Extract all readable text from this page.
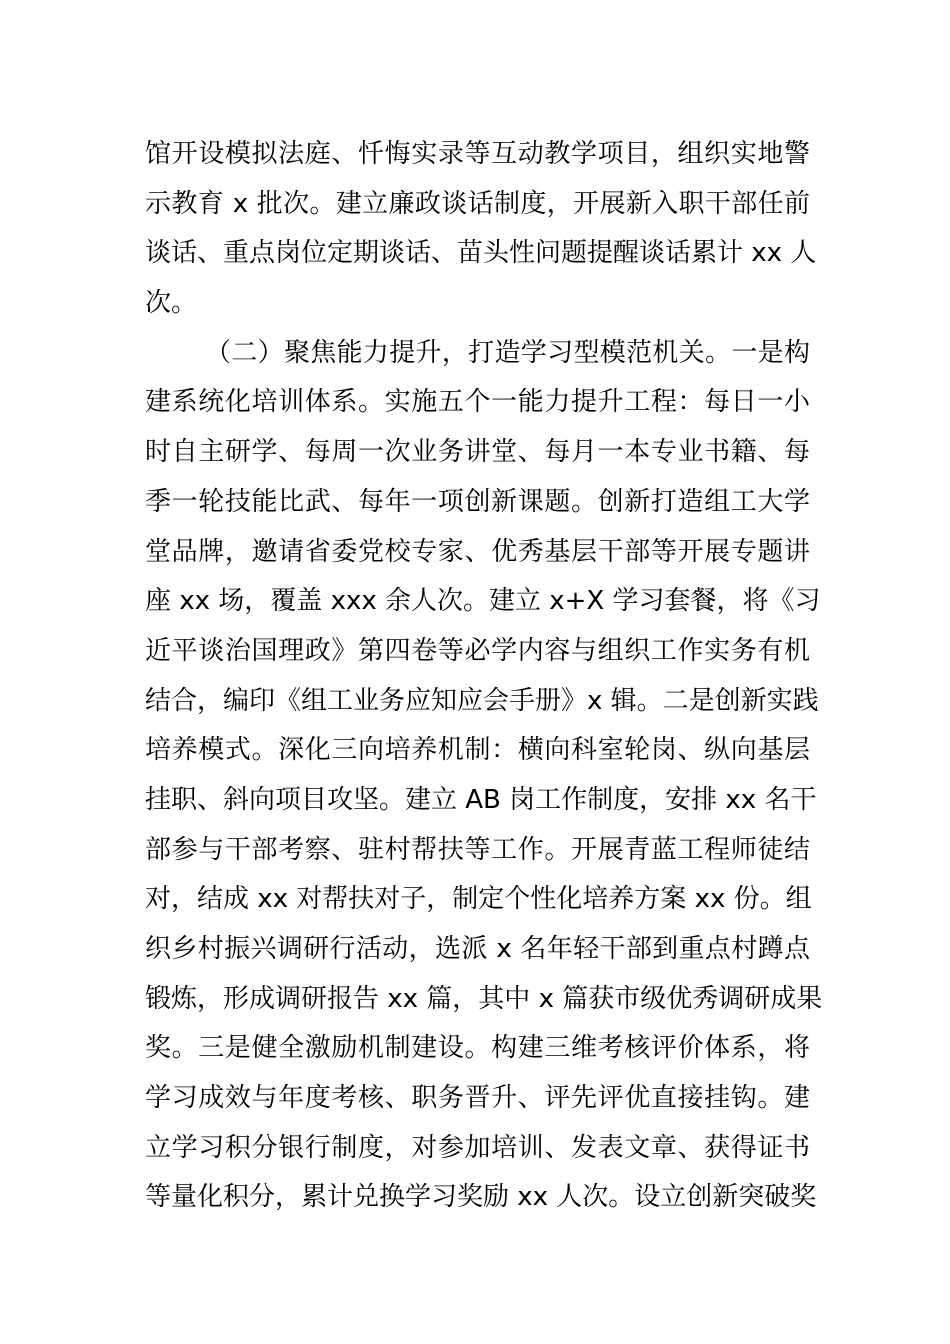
馆开设模拟法庭、忏悔实录等互动教学项目，组织实地警
示教育 x 批次。建立廉政谈话制度，开展新入职干部任前
谈话、重点岗位定期谈话、苗头性问题提醒谈话累计 xx 人
次。
（二）聚焦能力提升，打造学习型模范机关。一是构
建系统化培训体系。实施五个一能力提升工程：每日一小
时自主研学、每周一次业务讲堂、每月一本专业书籍、每
季一轮技能比武、每年一项创新课题。创新打造组工大学
堂品牌，邀请省委党校专家、优秀基层干部等开展专题讲
座 xx 场，覆盖 xxx 余人次。建立 x+X 学习套餐，将《习
近平谈治国理政》第四卷等必学内容与组织工作实务有机
结合，编印《组工业务应知应会手册》x 辑。二是创新实践
培养模式。深化三向培养机制：横向科室轮岗、纵向基层
挂职、斜向项目攻坚。建立 AB 岗工作制度，安排 xx 名干
部参与干部考察、驻村帮扶等工作。开展青蓝工程师徒结
对，结成 xx 对帮扶对子，制定个性化培养方案 xx 份。组
织乡村振兴调研行活动，选派 x 名年轻干部到重点村蹲点
锻炼，形成调研报告 xx 篇，其中 x 篇获市级优秀调研成果
奖。三是健全激励机制建设。构建三维考核评价体系，将
学习成效与年度考核、职务晋升、评先评优直接挂钩。建
立学习积分银行制度，对参加培训、发表文章、获得证书
等量化积分，累计兑换学习奖励 xx 人次。设立创新突破奖
